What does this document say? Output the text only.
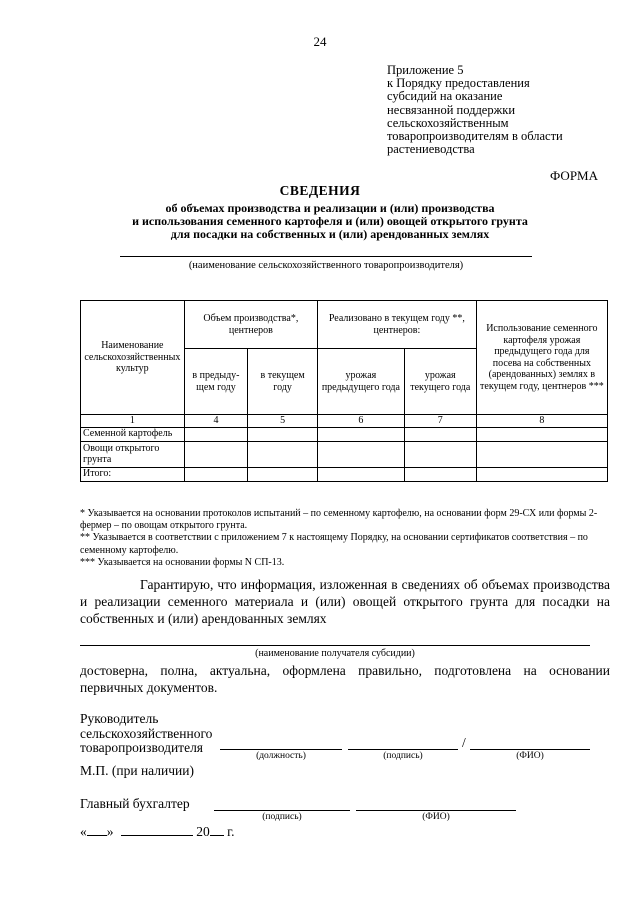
24
Приложение 5
к Порядку предоставления
субсидий на оказание
несвязанной поддержки
сельскохозяйственным
товаропроизводителям в области
растениеводства
ФОРМА
СВЕДЕНИЯ
об объемах производства и реализации и (или) производства
и использования семенного картофеля и (или) овощей открытого грунта
для посадки на собственных и (или) арендованных землях
(наименование сельскохозяйственного товаропроизводителя)
Наименование сельскохозяйственных культур	Объем производства*, центнеров		Реализовано в текущем году **, центнеров:		Использование семенного картофеля урожая предыдущего года для посева на собственных (арендованных) землях в текущем году, центнеров ***
	в предыду-щем году	в текущем году	урожая предыдущего года	урожая текущего года	
1	4	5	6	7	8
Семенной картофель					
Овощи открытого грунта					
Итого:					
* Указывается на основании протоколов испытаний – по семенному картофелю, на основании форм 29-СХ или формы 2-фермер – по овощам открытого грунта.
** Указывается в соответствии с приложением 7 к настоящему Порядку, на основании сертификатов соответствия – по семенному картофелю.
*** Указывается на основании формы N СП-13.
Гарантирую, что информация, изложенная в сведениях об объемах производства и реализации семенного материала и (или) овощей открытого грунта для посадки на собственных и (или) арендованных землях
(наименование получателя субсидии)
достоверна, полна, актуальна, оформлена правильно, подготовлена на основании первичных документов.
Руководитель
сельскохозяйственного
товаропроизводителя
(должность)	(подпись)
/
(ФИО)
М.П. (при наличии)
Главный бухгалтер
(подпись)	(ФИО)
« »	20 г.
